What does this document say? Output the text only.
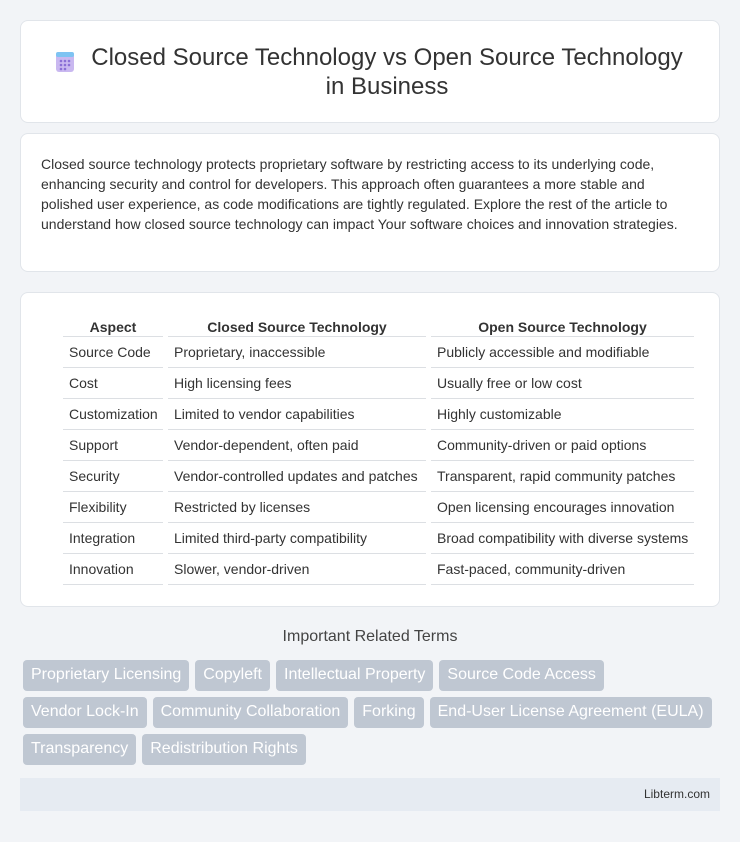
Closed Source Technology vs Open Source Technology in Business

Closed source technology protects proprietary software by restricting access to its underlying code, enhancing security and control for developers. This approach often guarantees a more stable and polished user experience, as code modifications are tightly regulated. Explore the rest of the article to understand how closed source technology can impact Your software choices and innovation strategies.

Aspect	Closed Source Technology	Open Source Technology
Source Code	Proprietary, inaccessible	Publicly accessible and modifiable
Cost	High licensing fees	Usually free or low cost
Customization	Limited to vendor capabilities	Highly customizable
Support	Vendor-dependent, often paid	Community-driven or paid options
Security	Vendor-controlled updates and patches	Transparent, rapid community patches
Flexibility	Restricted by licenses	Open licensing encourages innovation
Integration	Limited third-party compatibility	Broad compatibility with diverse systems
Innovation	Slower, vendor-driven	Fast-paced, community-driven
Important Related Terms
Proprietary Licensing	Copyleft	Intellectual Property	Source Code Access
Vendor Lock-In	Community Collaboration	Forking	End-User License Agreement (EULA)
Transparency	Redistribution Rights
Libterm.com
